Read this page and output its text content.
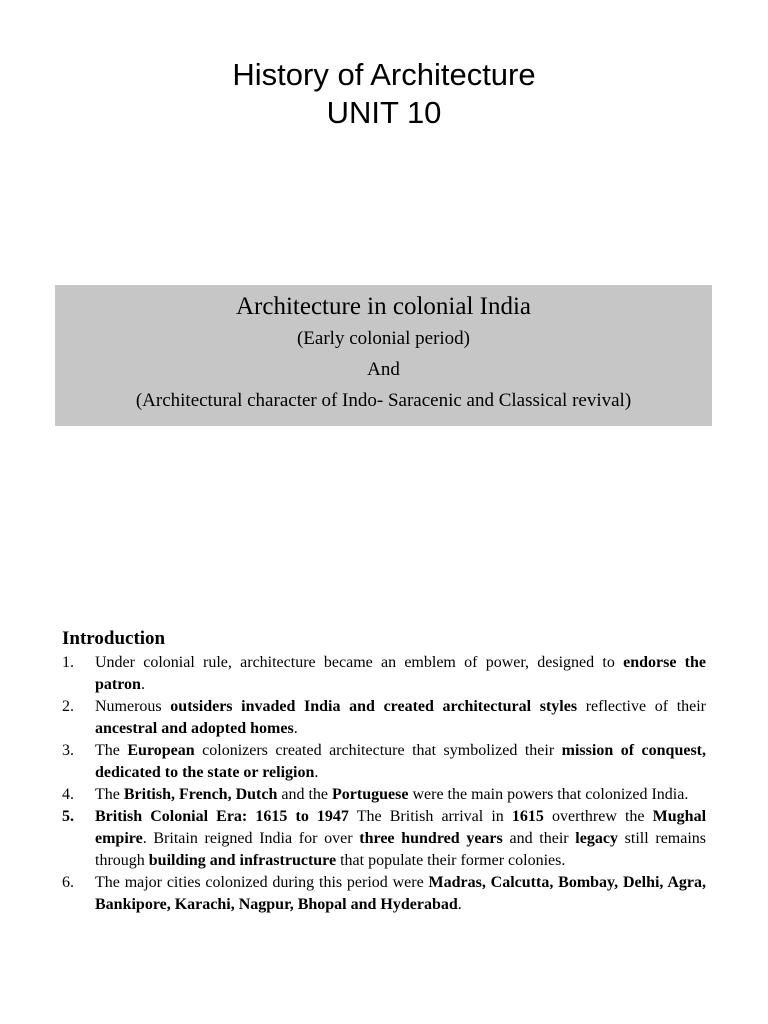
History of Architecture
UNIT 10
Architecture in colonial India
(Early colonial period)
And
(Architectural character of Indo- Saracenic and Classical revival)
Introduction
1. Under colonial rule, architecture became an emblem of power, designed to endorse the patron.
2. Numerous outsiders invaded India and created architectural styles reflective of their ancestral and adopted homes.
3. The European colonizers created architecture that symbolized their mission of conquest, dedicated to the state or religion.
4. The British, French, Dutch and the Portuguese were the main powers that colonized India.
5. British Colonial Era: 1615 to 1947 The British arrival in 1615 overthrew the Mughal empire. Britain reigned India for over three hundred years and their legacy still remains through building and infrastructure that populate their former colonies.
6. The major cities colonized during this period were Madras, Calcutta, Bombay, Delhi, Agra, Bankipore, Karachi, Nagpur, Bhopal and Hyderabad.
